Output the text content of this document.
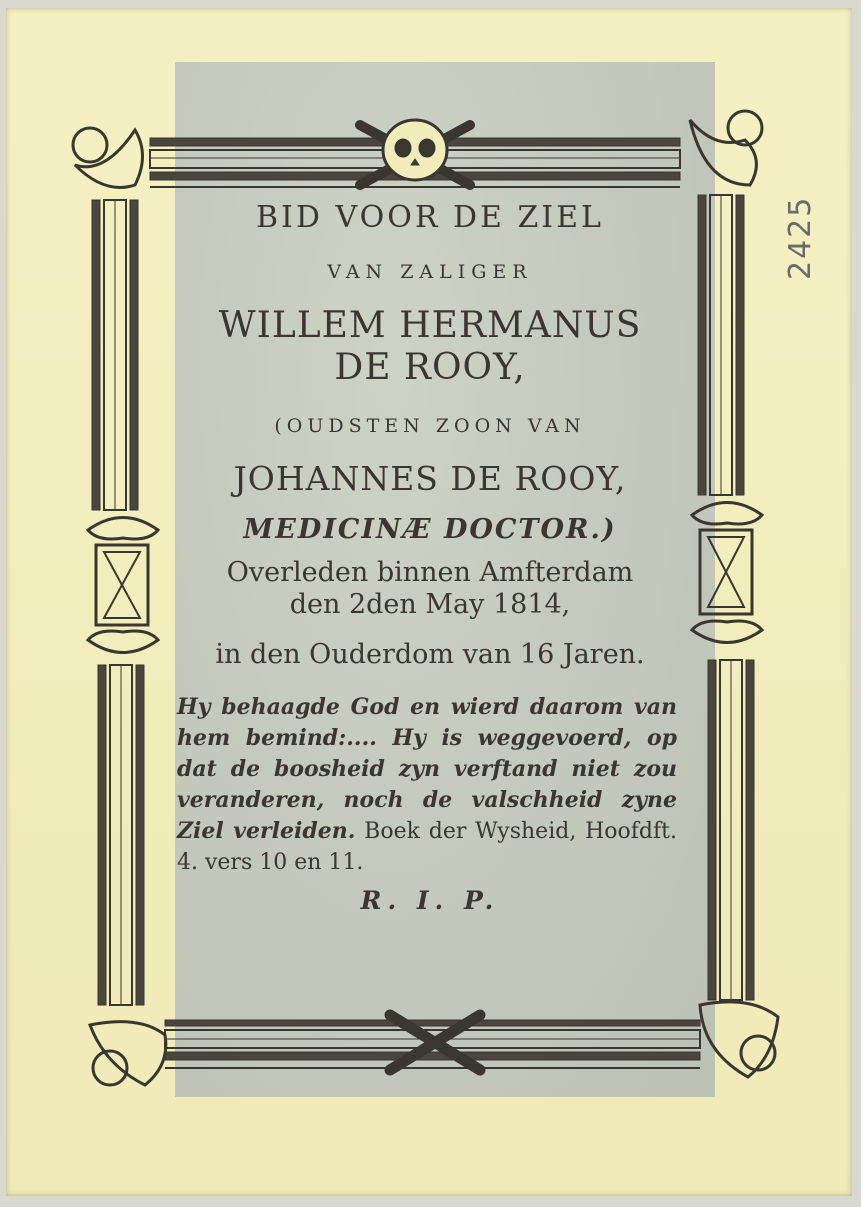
BID VOOR DE ZIEL
VAN ZALIGER
WILLEM HERMANUS
DE ROOY,
(OUDSTEN ZOON VAN
JOHANNES DE ROOY,
MEDICINÆ DOCTOR.)
Overleden binnen Amfterdam
den 2den May 1814,
in den Ouderdom van 16 Jaren.
Hy behaagde God en wierd daarom van hem bemind:.... Hy is weggevoerd, op dat de boosheid zyn verftand niet zou veranderen, noch de valschheid zyne Ziel verleiden. Boek der Wysheid, Hoofdft. 4. vers 10 en 11.
R. I. P.
2425
